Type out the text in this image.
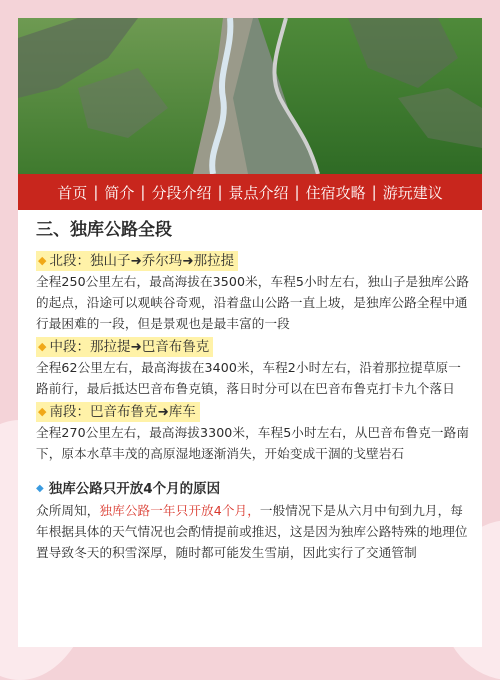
首页 | 简介 | 分段介绍 | 景点介绍 | 住宿攻略 | 游玩建议
三、独库公路全段
◆ 北段：独山子➜乔尔玛➜那拉提

全程250公里左右，最高海拔在3500米，车程5小时左右，独山子是独库公路的起点，沿途可以观峡谷奇观，沿着盘山公路一直上坡，是独库公路全程中通行最困难的一段，但是景观也是最丰富的一段

◆ 中段：那拉提➜巴音布鲁克

全程62公里左右，最高海拔在3400米，车程2小时左右，沿着那拉提草原一路前行，最后抵达巴音布鲁克镇，落日时分可以在巴音布鲁克打卡九个落日

◆ 南段：巴音布鲁克➜库车

全程270公里左右，最高海拔3300米，车程5小时左右，从巴音布鲁克一路南下，原本水草丰茂的高原湿地逐渐消失，开始变成干涸的戈壁岩石

◆ 独库公路只开放4个月的原因

众所周知，独库公路一年只开放4个月，一般情况下是从六月中旬到九月，每年根据具体的天气情况也会酌情提前或推迟，这是因为独库公路特殊的地理位置导致冬天的积雪深厚，随时都可能发生雪崩，因此实行了交通管制
